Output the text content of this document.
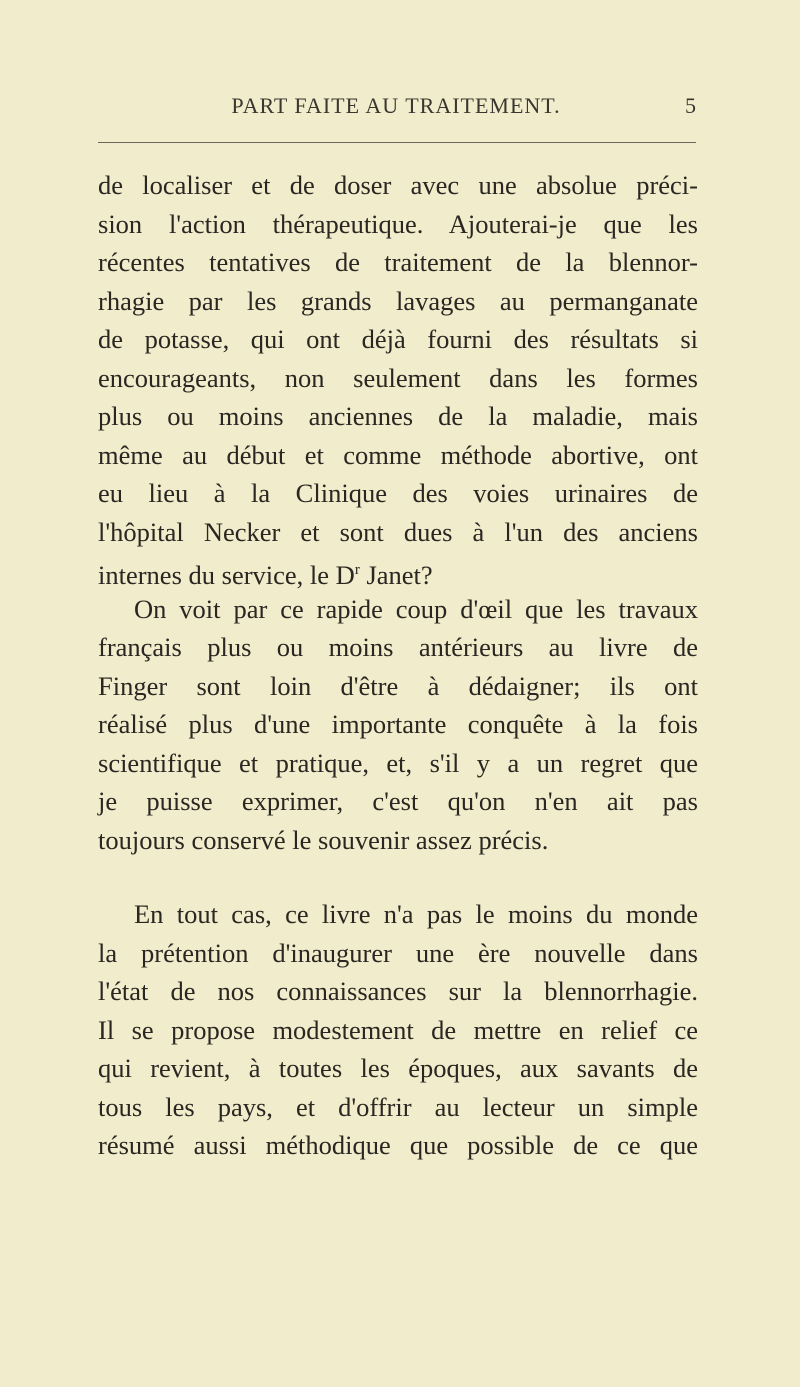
PART FAITE AU TRAITEMENT.	5

de localiser et de doser avec une absolue préci-
sion l'action thérapeutique. Ajouterai-je que les
récentes tentatives de traitement de la blennor-
rhagie par les grands lavages au permanganate
de potasse, qui ont déjà fourni des résultats si
encourageants, non seulement dans les formes
plus ou moins anciennes de la maladie, mais
même au début et comme méthode abortive, ont
eu lieu à la Clinique des voies urinaires de
l'hôpital Necker et sont dues à l'un des anciens
internes du service, le $D^r$ Janet?

On voit par ce rapide coup d'œil que les travaux
français plus ou moins antérieurs au livre de
Finger sont loin d'être à dédaigner; ils ont
réalisé plus d'une importante conquête à la fois
scientifique et pratique, et, s'il y a un regret que
je puisse exprimer, c'est qu'on n'en ait pas
toujours conservé le souvenir assez précis.

En tout cas, ce livre n'a pas le moins du monde
la prétention d'inaugurer une ère nouvelle dans
l'état de nos connaissances sur la blennorrhagie.
Il se propose modestement de mettre en relief ce
qui revient, à toutes les époques, aux savants de
tous les pays, et d'offrir au lecteur un simple
résumé aussi méthodique que possible de ce que
